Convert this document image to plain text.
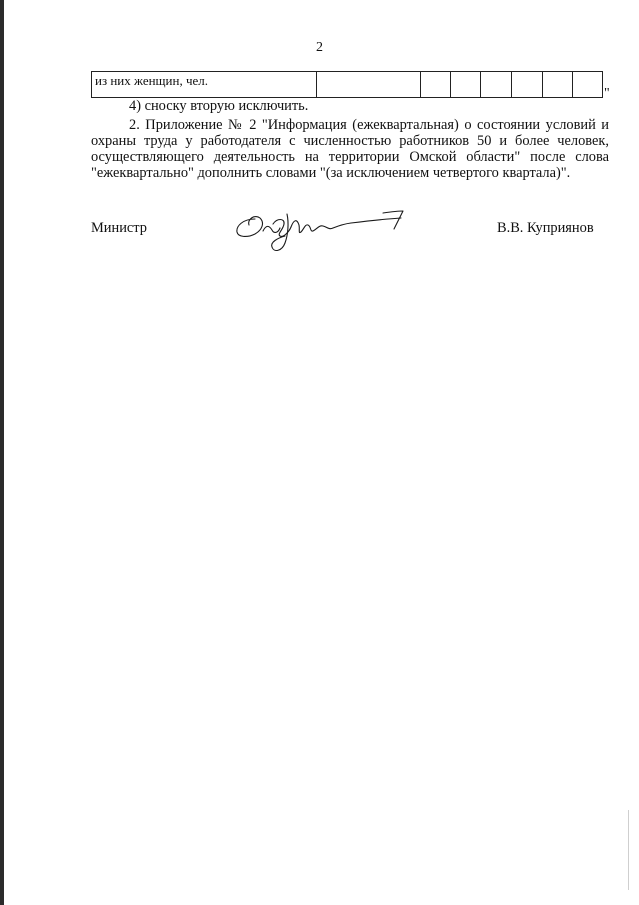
2
из них женщин, чел.							
"
4) сноску вторую исключить.
2. Приложение № 2 "Информация (ежеквартальная) о состоянии условий и охраны труда у работодателя с численностью работников 50 и более человек, осуществляющего деятельность на территории Омской области" после слова "ежеквартально" дополнить словами "(за исключением четвертого квартала)".
Министр	В.В. Куприянов
